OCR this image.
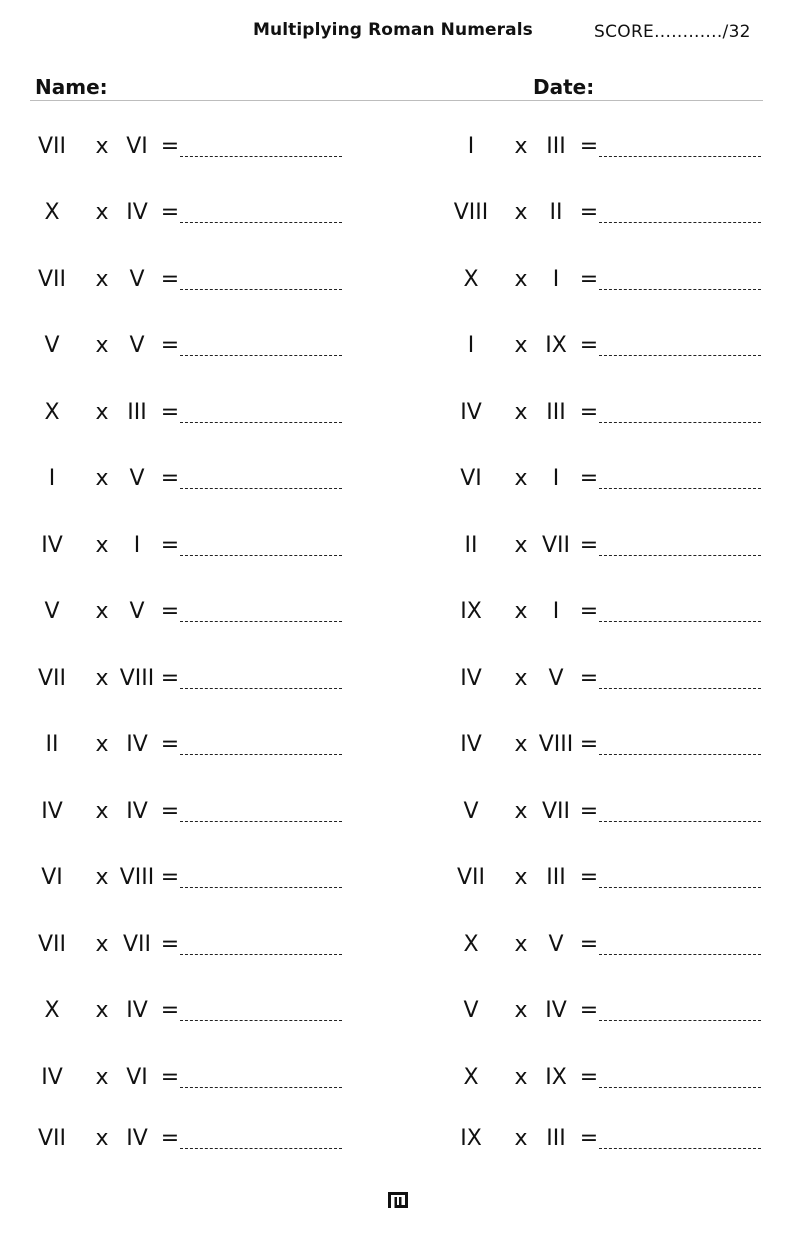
Multiplying Roman Numerals	SCORE............/32
Name:	Date:
VII	x VI =
X	x IV =
VII	x V =
V	x V =
X	x III =
I	x V =
IV	x	I =
V	x V =
VII	x VIII =
II	x IV =
IV	x IV =
VI	x VIII =
VII	x VII =
X	x IV =
IV	x VI =
VII	x IV =
I	x III =
VIII	x II =
X	x	I =
I	x IX =
IV	x III =
VI	x	I =
II	x VII =
IX	x	I =
IV	x V =
IV	x VIII =
V	x VII =
VII	x III =
X	x V =
V	x IV =
X	x IX =
IX	x III =
